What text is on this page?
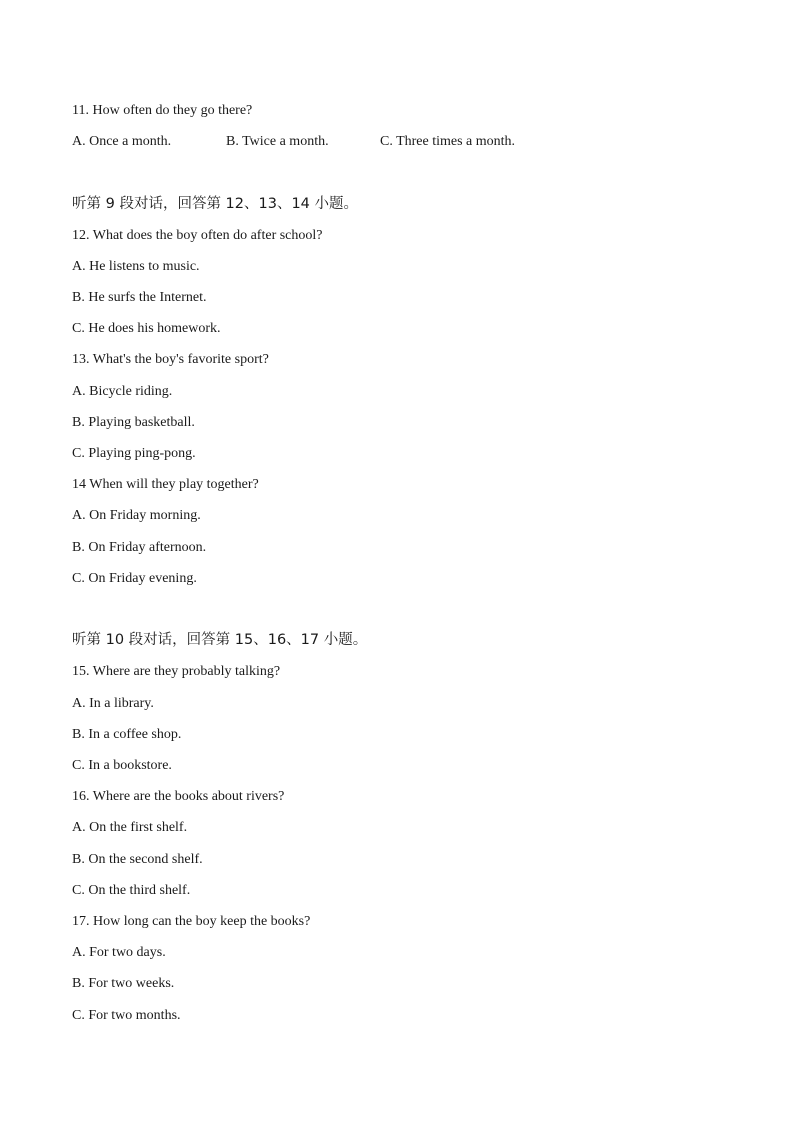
11. How often do they go there?
A. Once a month.	B. Twice a month.	C. Three times a month.
听第 9 段对话，回答第 12、13、14 小题。
12. What does the boy often do after school?
A. He listens to music.
B. He surfs the Internet.
C. He does his homework.
13. What's the boy's favorite sport?
A. Bicycle riding.
B. Playing basketball.
C. Playing ping-pong.
14 When will they play together?
A. On Friday morning.
B. On Friday afternoon.
C. On Friday evening.
听第 10 段对话，回答第 15、16、17 小题。
15. Where are they probably talking?
A. In a library.
B. In a coffee shop.
C. In a bookstore.
16. Where are the books about rivers?
A. On the first shelf.
B. On the second shelf.
C. On the third shelf.
17. How long can the boy keep the books?
A. For two days.
B. For two weeks.
C. For two months.
